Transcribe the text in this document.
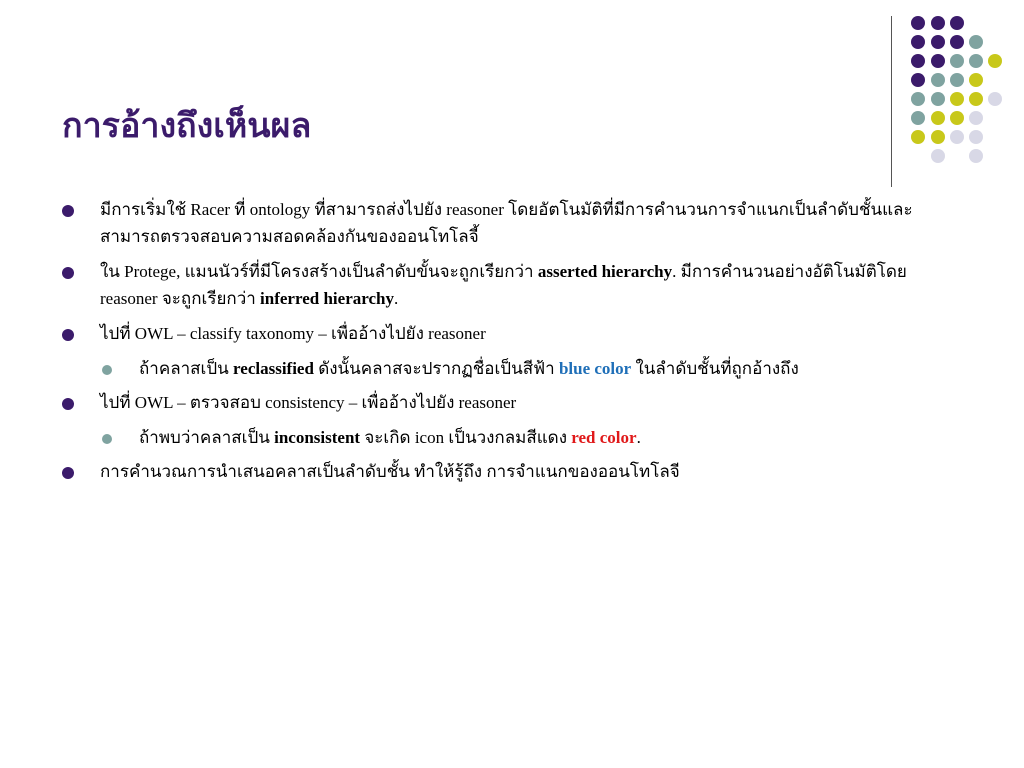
การอ้างถึงเห็นผล
มีการเริ่มใช้ Racer ที่ ontology ที่สามารถส่งไปยัง reasoner โดยอัตโนมัติที่มีการคำนวนการจำแนกเป็นลำดับชั้นและสามารถตรวจสอบความสอดคล้องกันของออนโทโลจี้
ใน Protege, แมนนัวร์ที่มีโครงสร้างเป็นลำดับขั้นจะถูกเรียกว่า asserted hierarchy. มีการคำนวนอย่างอัติโนมัติโดย reasoner จะถูกเรียกว่า inferred hierarchy.
ไปที่ OWL – classify taxonomy – เพื่ออ้างไปยัง reasoner
ถ้าคลาสเป็น reclassified ดังนั้นคลาสจะปรากฏชื่อเป็นสีฟ้า blue color ในลำดับชั้นที่ถูกอ้างถึง
ไปที่ OWL – ตรวจสอบ consistency – เพื่ออ้างไปยัง reasoner
ถ้าพบว่าคลาสเป็น inconsistent จะเกิด icon เป็นวงกลมสีแดง red color.
การคำนวณการนำเสนอคลาสเป็นลำดับชั้น ทำให้รู้ถึง การจำแนกของออนโทโลจี
